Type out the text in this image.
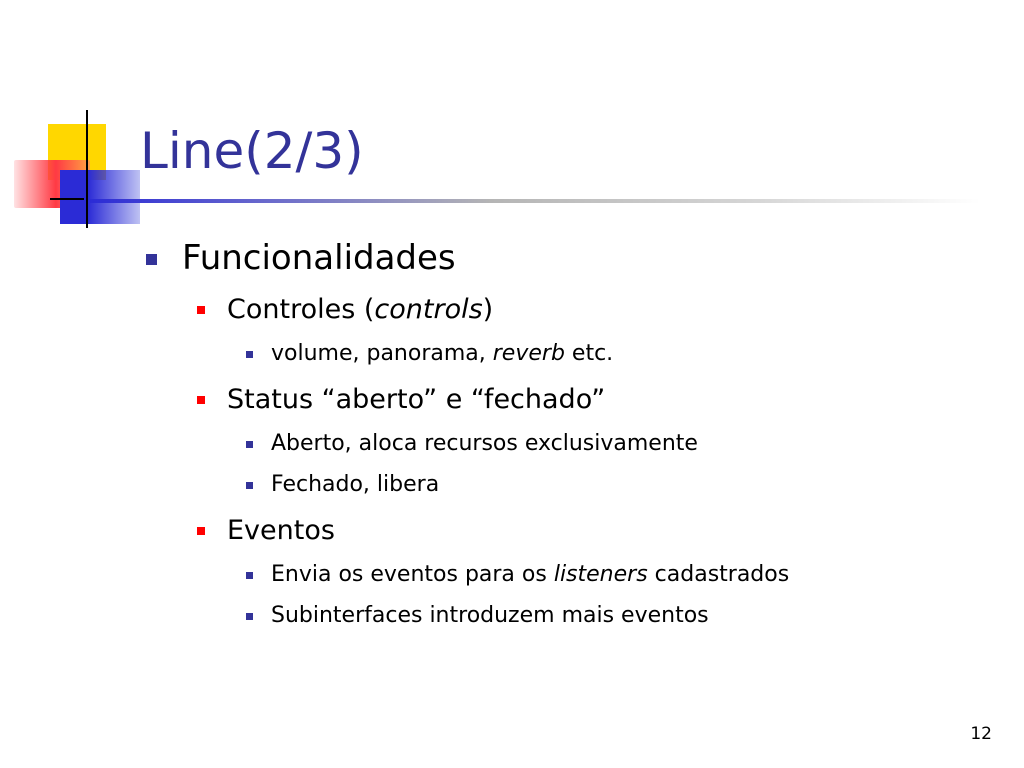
Line(2/3)
Funcionalidades
Controles (controls)
volume, panorama, reverb etc.
Status “aberto” e “fechado”
Aberto, aloca recursos exclusivamente
Fechado, libera
Eventos
Envia os eventos para os listeners cadastrados
Subinterfaces introduzem mais eventos
12
